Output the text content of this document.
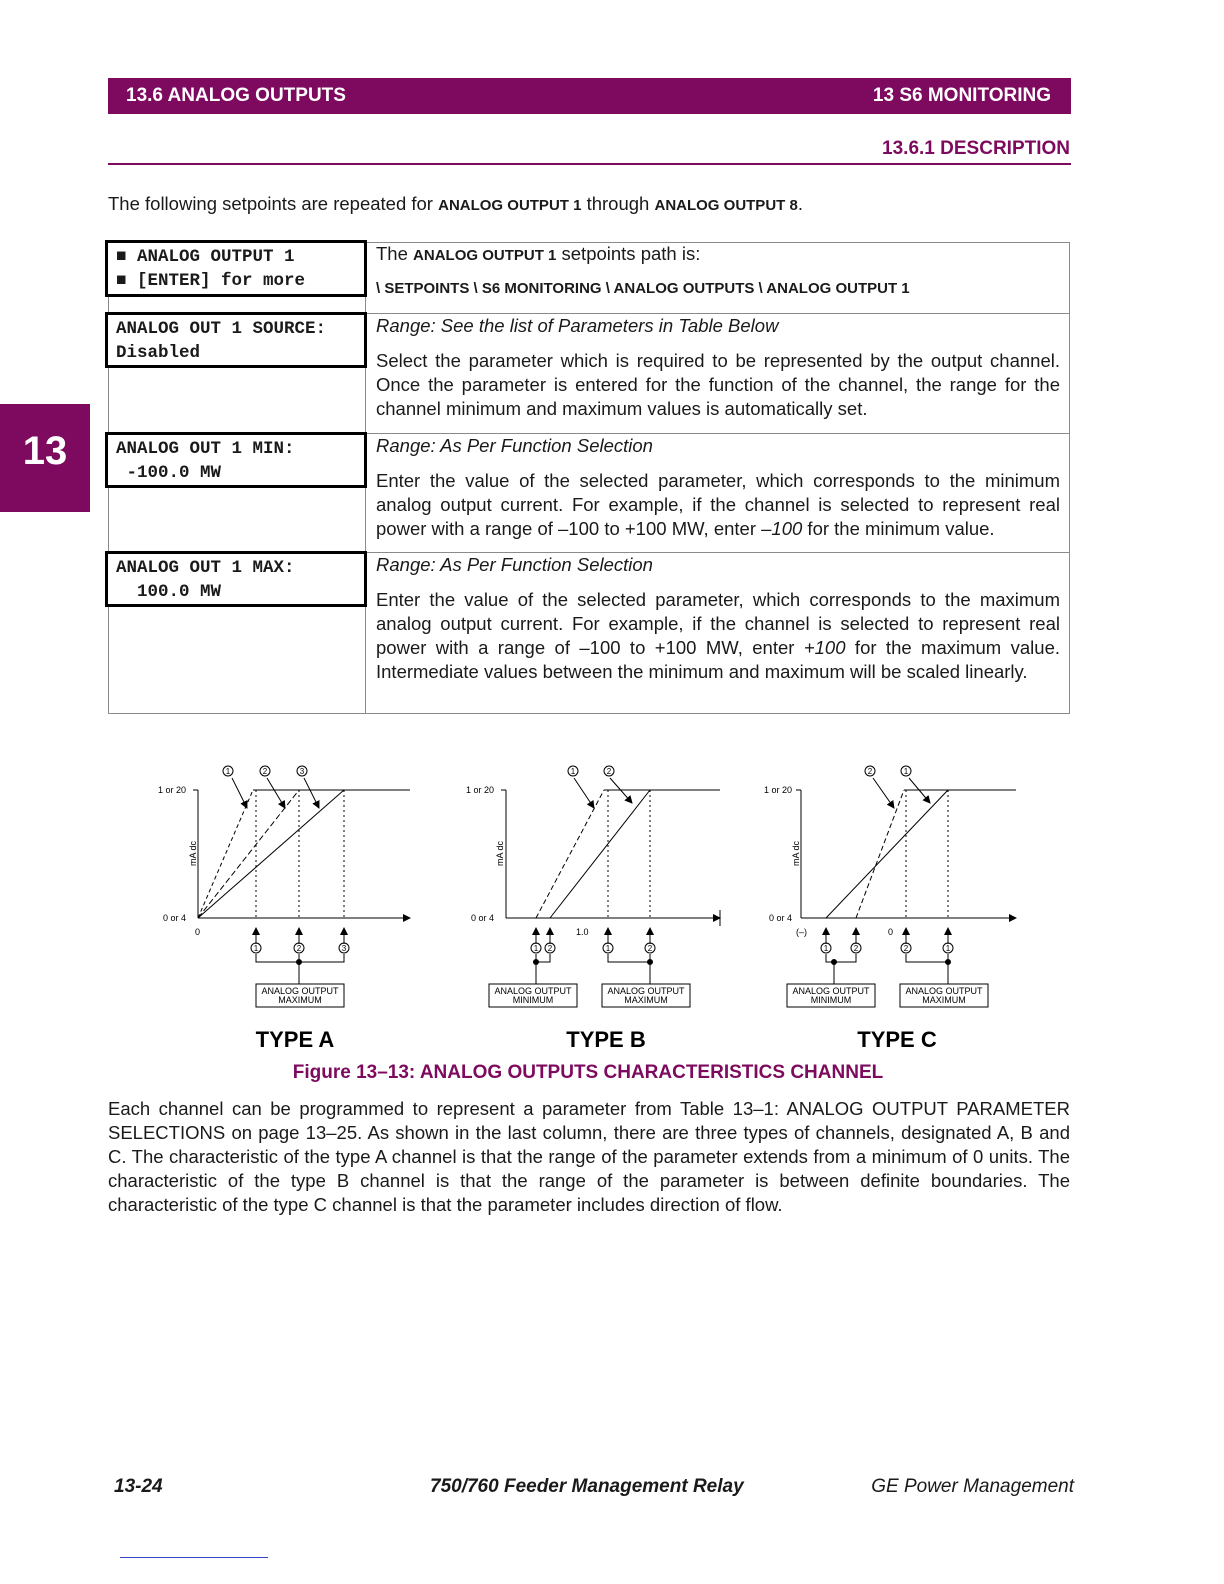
13.6 ANALOG OUTPUTS	13 S6 MONITORING
13.6.1 DESCRIPTION
13
The following setpoints are repeated for ANALOG OUTPUT 1 through ANALOG OUTPUT 8.
■ ANALOG OUTPUT 1
■ [ENTER] for more
The ANALOG OUTPUT 1 setpoints path is:
\ SETPOINTS \ S6 MONITORING \ ANALOG OUTPUTS \ ANALOG OUTPUT 1
ANALOG OUT 1 SOURCE:
Disabled
Range: See the list of Parameters in Table Below
Select the parameter which is required to be represented by the output channel. Once the parameter is entered for the function of the channel, the range for the channel minimum and maximum values is automatically set.
ANALOG OUT 1 MIN:
-100.0 MW
Range: As Per Function Selection
Enter the value of the selected parameter, which corresponds to the minimum analog output current. For example, if the channel is selected to represent real power with a range of –100 to +100 MW, enter –100 for the minimum value.
ANALOG OUT 1 MAX:
100.0 MW
Range: As Per Function Selection
Enter the value of the selected parameter, which corresponds to the maximum analog output current. For example, if the channel is selected to represent real power with a range of –100 to +100 MW, enter +100 for the maximum value. Intermediate values between the minimum and maximum will be scaled linearly.
1 or 20
0 or 4
0
mA dc
1	2	3
1	2	3
ANALOG OUTPUT
MAXIMUM
TYPE A
1 or 20
0 or 4
1.0
mA dc
1	2
1 2	1	2
ANALOG OUTPUT
MINIMUM
ANALOG OUTPUT
MAXIMUM
TYPE B
1 or 20
0 or 4
(–)	0
mA dc
2	1
1	2	2	1
ANALOG OUTPUT
MINIMUM
ANALOG OUTPUT
MAXIMUM
TYPE C
Figure 13–13: ANALOG OUTPUTS CHARACTERISTICS CHANNEL
Each channel can be programmed to represent a parameter from Table 13–1: ANALOG OUTPUT PARAMETER SELECTIONS on page 13–25. As shown in the last column, there are three types of channels, designated A, B and C. The characteristic of the type A channel is that the range of the parameter extends from a minimum of 0 units. The characteristic of the type B channel is that the range of the parameter is between definite boundaries. The characteristic of the type C channel is that the parameter includes direction of flow.
13-24	750/760 Feeder Management Relay	GE Power Management
